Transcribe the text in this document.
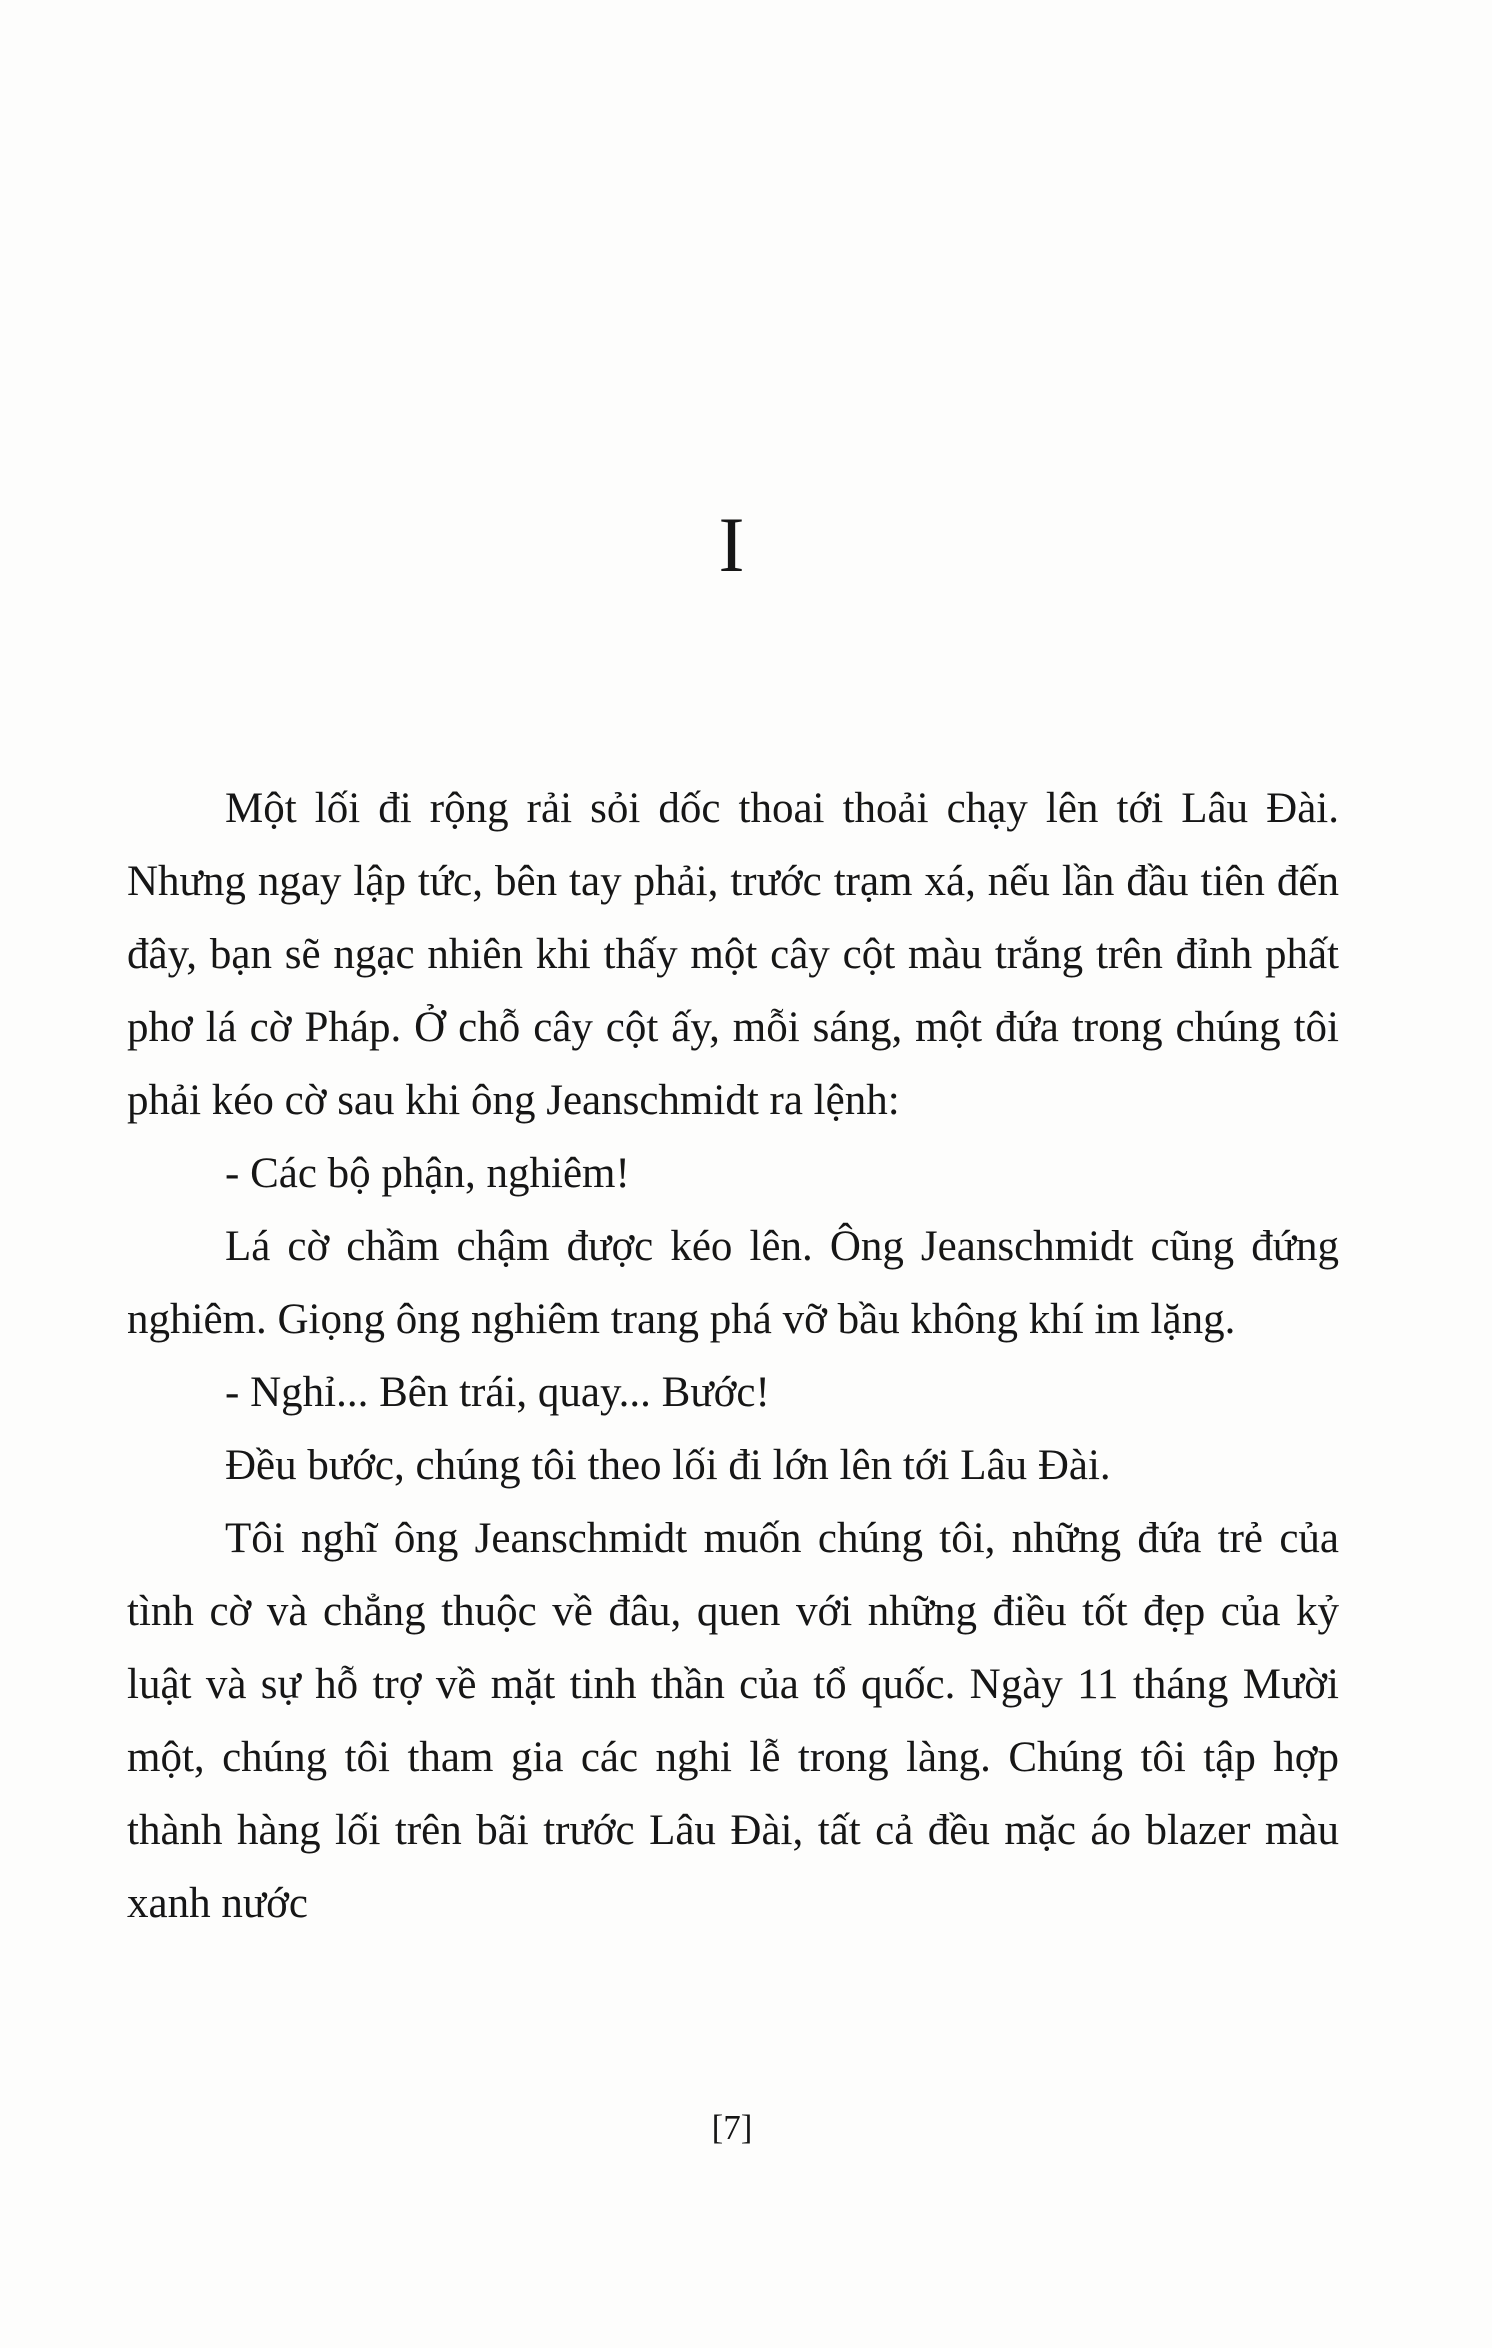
I

Một lối đi rộng rải sỏi dốc thoai thoải chạy lên tới Lâu Đài. Nhưng ngay lập tức, bên tay phải, trước trạm xá, nếu lần đầu tiên đến đây, bạn sẽ ngạc nhiên khi thấy một cây cột màu trắng trên đỉnh phất phơ lá cờ Pháp. Ở chỗ cây cột ấy, mỗi sáng, một đứa trong chúng tôi phải kéo cờ sau khi ông Jeanschmidt ra lệnh:

- Các bộ phận, nghiêm!

Lá cờ chầm chậm được kéo lên. Ông Jeanschmidt cũng đứng nghiêm. Giọng ông nghiêm trang phá vỡ bầu không khí im lặng.

- Nghỉ... Bên trái, quay... Bước!

Đều bước, chúng tôi theo lối đi lớn lên tới Lâu Đài.

Tôi nghĩ ông Jeanschmidt muốn chúng tôi, những đứa trẻ của tình cờ và chẳng thuộc về đâu, quen với những điều tốt đẹp của kỷ luật và sự hỗ trợ về mặt tinh thần của tổ quốc. Ngày 11 tháng Mười một, chúng tôi tham gia các nghi lễ trong làng. Chúng tôi tập hợp thành hàng lối trên bãi trước Lâu Đài, tất cả đều mặc áo blazer màu xanh nước

[7]
